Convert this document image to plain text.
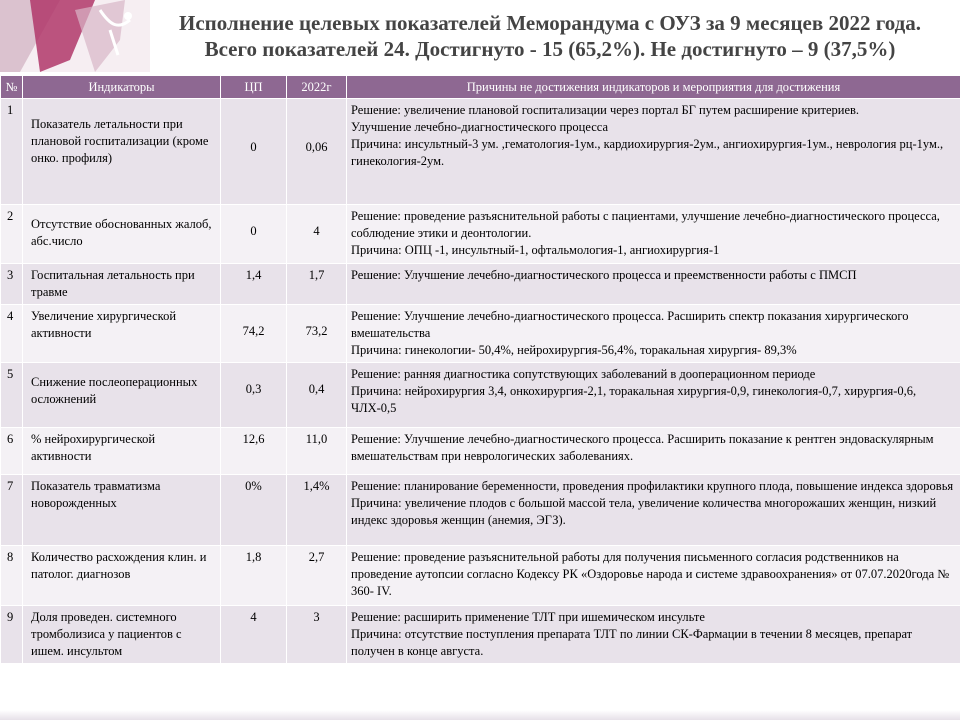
Исполнение целевых показателей Меморандума с ОУЗ за 9 месяцев 2022 года.
Всего показателей 24. Достигнуто - 15 (65,2%). Не достигнуто – 9 (37,5%)
№	Индикаторы	ЦП	2022г	Причины не достижения индикаторов и мероприятия для достижения
1	Показатель летальности при плановой госпитализации (кроме онко. профиля)	0	0,06	Решение: увеличение плановой госпитализации через портал БГ путем расширение критериев.
Улучшение лечебно-диагностического процесса
Причина: инсультный-3 ум. ,гематология-1ум., кардиохирургия-2ум., ангиохирургия-1ум., неврология рц-1ум., гинекология-2ум.

2	Отсутствие обоснованных жалоб, абс.число	0	4	Решение: проведение разъяснительной работы с пациентами, улучшение лечебно-диагностического процесса, соблюдение этики и деонтологии.
Причина: ОПЦ -1, инсультный-1, офтальмология-1, ангиохирургия-1

3	Госпитальная летальность при травме	1,4	1,7	Решение: Улучшение лечебно-диагностического процесса и преемственности работы с ПМСП

4	Увеличение хирургической активности	74,2	73,2	Решение: Улучшение лечебно-диагностического процесса. Расширить спектр показания хирургического вмешательства
Причина: гинекологии- 50,4%, нейрохирургия-56,4%, торакальная хирургия- 89,3%

5	Снижение послеоперационных осложнений	0,3	0,4	Решение: ранняя диагностика сопутствующих заболеваний в дооперационном периоде
Причина: нейрохирургия 3,4, онкохирургия-2,1, торакальная хирургия-0,9, гинекология-0,7, хирургия-0,6, ЧЛХ-0,5

6	% нейрохирургической активности	12,6	11,0	Решение: Улучшение лечебно-диагностического процесса. Расширить показание к рентген эндоваскулярным вмешательствам при неврологических заболеваниях.

7	Показатель травматизма новорожденных	0%	1,4%	Решение: планирование беременности, проведения профилактики крупного плода, повышение индекса здоровья
Причина: увеличение плодов с большой массой тела, увеличение количества многорожаших женщин, низкий индекс здоровья женщин (анемия, ЭГЗ).

8	Количество расхождения клин. и патолог. диагнозов	1,8	2,7	Решение: проведение разъяснительной работы для получения письменного согласия родственников на проведение аутопсии согласно Кодексу РК «Оздоровье народа и системе здравоохранения» от 07.07.2020года № 360- IV.

9	Доля проведен. системного тромболизиса у пациентов с ишем. инсультом	4	3	Решение: расширить применение ТЛТ при ишемическом инсульте
Причина: отсутствие поступления препарата ТЛТ по линии СК-Фармации в течении 8 месяцев, препарат получен в конце августа.
